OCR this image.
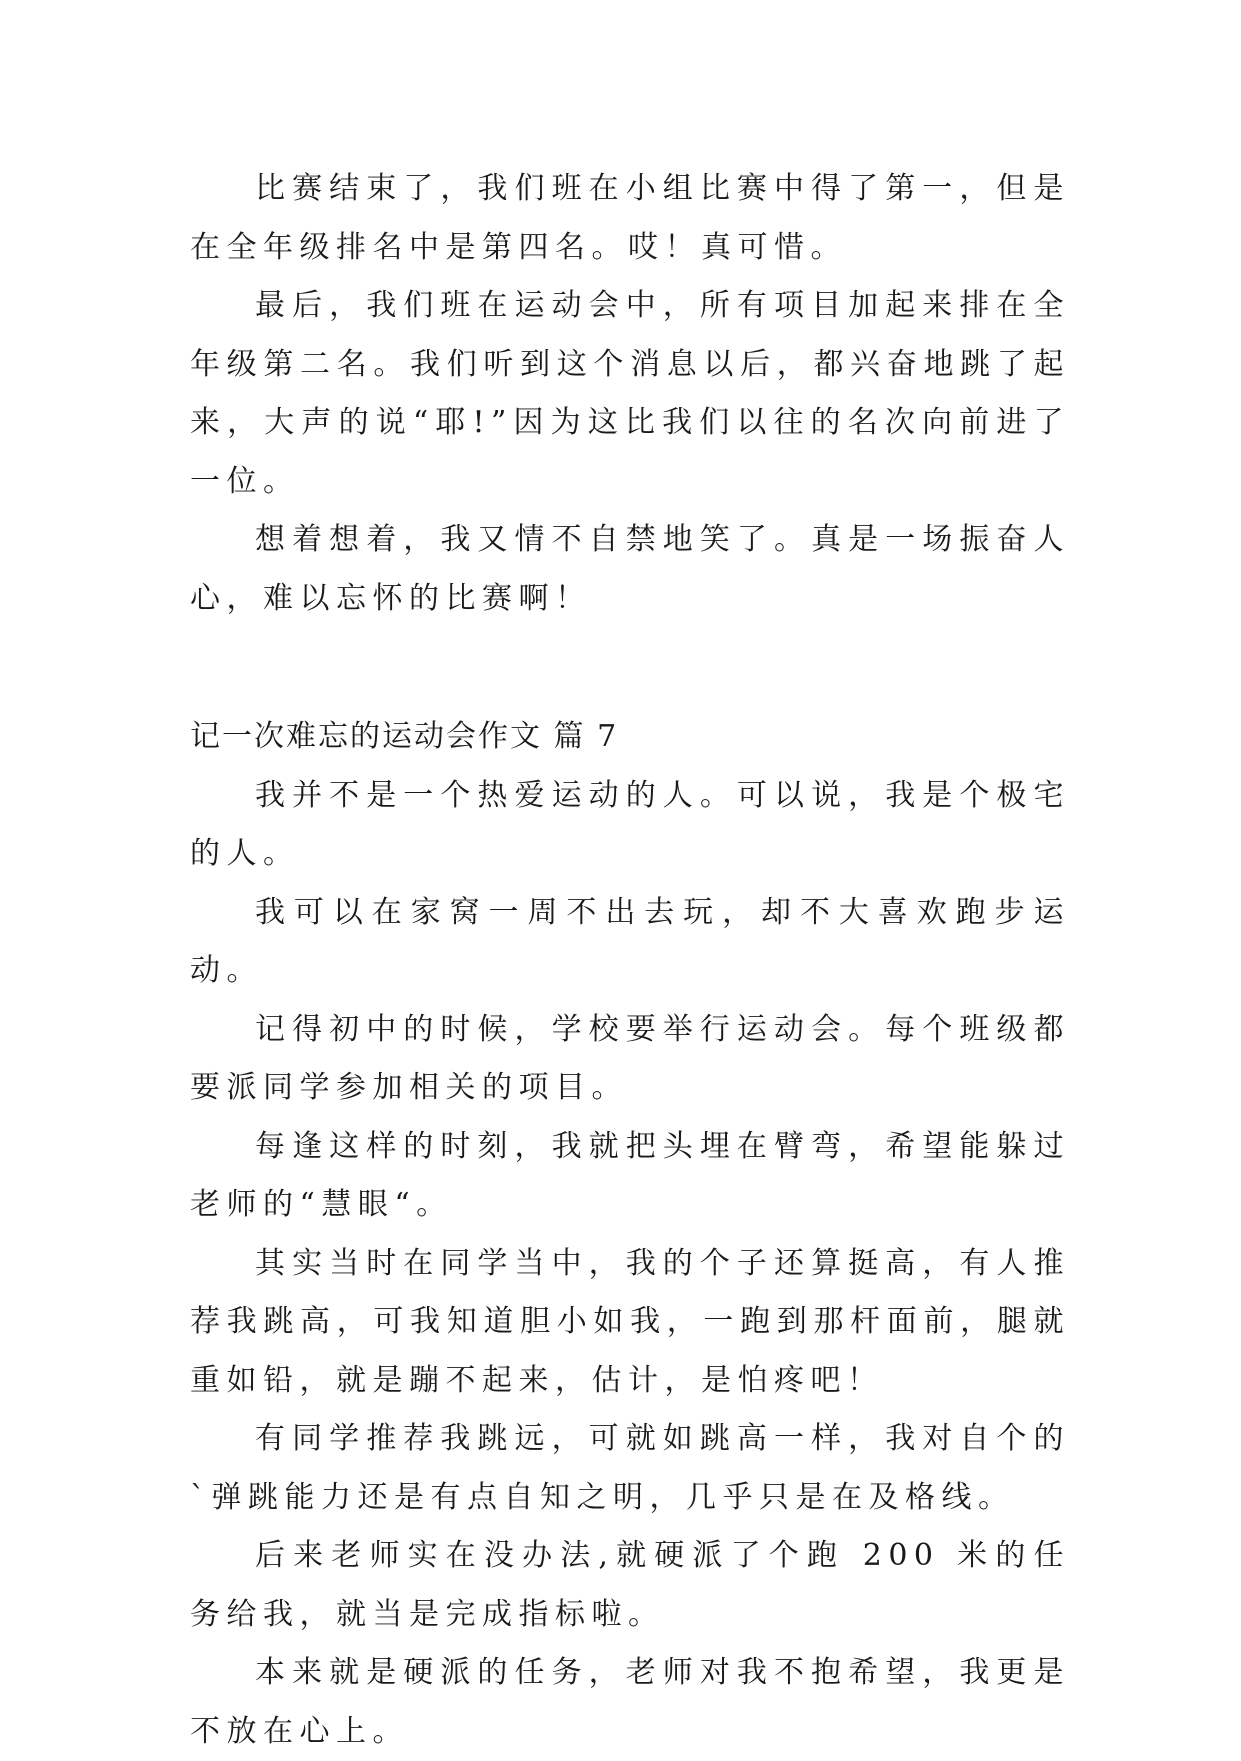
比赛结束了，我们班在小组比赛中得了第一，但是在全年级排名中是第四名。哎！真可惜。

最后，我们班在运动会中，所有项目加起来排在全年级第二名。我们听到这个消息以后，都兴奋地跳了起来，大声的说“耶!”因为这比我们以往的名次向前进了一位。

想着想着，我又情不自禁地笑了。真是一场振奋人心，难以忘怀的比赛啊！

记一次难忘的运动会作文 篇 7

我并不是一个热爱运动的人。可以说，我是个极宅的人。

我可以在家窝一周不出去玩，却不大喜欢跑步运动。

记得初中的时候，学校要举行运动会。每个班级都要派同学参加相关的项目。

每逢这样的时刻，我就把头埋在臂弯，希望能躲过老师的“慧眼“。

其实当时在同学当中，我的个子还算挺高，有人推荐我跳高，可我知道胆小如我，一跑到那杆面前，腿就重如铅，就是蹦不起来，估计，是怕疼吧！

有同学推荐我跳远，可就如跳高一样，我对自个的`弹跳能力还是有点自知之明，几乎只是在及格线。

后来老师实在没办法,就硬派了个跑 200 米的任务给我，就当是完成指标啦。

本来就是硬派的任务，老师对我不抱希望，我更是不放在心上。
